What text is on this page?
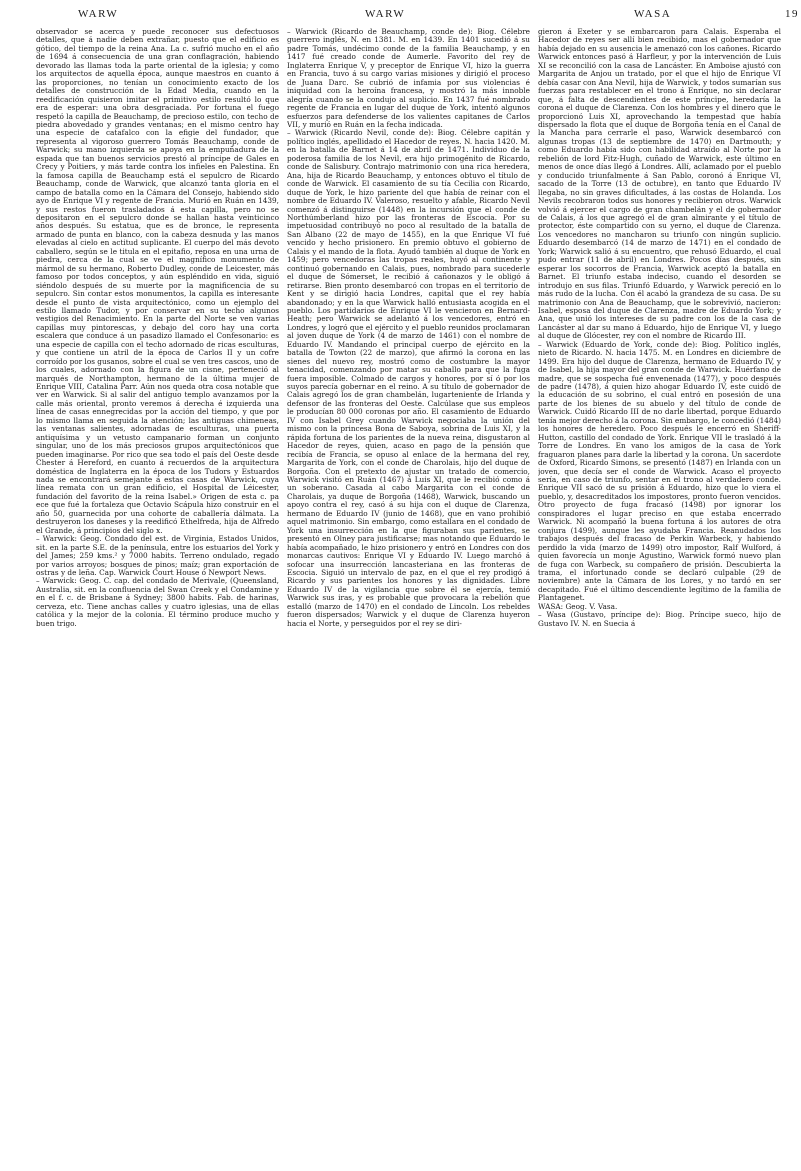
WARW	WARW	WASA	19

observador se acerca y puede reconocer sus defectuosos detalles, que á nadie deben extrañar, puesto que el edificio es gótico, del tiempo de la reina Ana. La c. sufrió mucho en el año de 1694 á consecuencia de una gran conflagración, habiendo devorado las llamas toda la parte oriental de la iglesia; y como los arquitectos de aquella época, aunque maestros en cuanto á las proporciones, no tenían un conocimiento exacto de los detalles de construcción de la Edad Media, cuando en la reedificación quisieron imitar el primitivo estilo resultó lo que era de esperar: una obra desgraciada. Por fortuna el fuego respetó la capilla de Beauchamp, de precioso estilo, con techo de piedra abovedado y grandes ventanas; en el mismo centro hay una especie de catafalco con la efigie del fundador, que representa al vigoroso guerrero Tomás Beauchamp, conde de Warwick; su mano izquierda se apoya en la empuñadura de la espada que tan buenos servicios prestó al príncipe de Gales en Crecy y Poitiers, y más tarde contra los infieles en Palestina. En la famosa capilla de Beauchamp está el sepulcro de Ricardo Beauchamp, conde de Warwick, que alcanzó tanta gloria en el campo de batalla como en la Cámara del Consejo, habiendo sido ayo de Enrique VI y regente de Francia. Murió en Ruán en 1439, y sus restos fueron trasladados á esta capilla, pero no se depositaron en el sepulcro donde se hallan hasta veinticinco años después. Su estatua, que es de bronce, le representa armado de punta en blanco, con la cabeza desnuda y las manos elevadas al cielo en actitud suplicante. El cuerpo del más devoto caballero, según se le titula en el epitafio, reposa en una urna de piedra, cerca de la cual se ve el magnífico monumento de mármol de su hermano, Roberto Dudley, conde de Leicester, más famoso por todos conceptos, y aún espléndido en vida, siguió siéndolo después de su muerte por la magnificencia de su sepulcro. Sin contar estos monumentos, la capilla es interesante desde el punto de vista arquitectónico, como un ejemplo del estilo llamado Tudor, y por conservar en su techo algunos vestigios del Renacimiento. En la parte del Norte se ven varias capillas muy pintorescas, y debajo del coro hay una corta escalera que conduce á un pasadizo llamado el Confesonario: es una especie de capilla con el techo adornado de ricas esculturas, y que contiene un atril de la época de Carlos II y un cofre corroído por los gusanos, sobre el cual se ven tres cascos, uno de los cuales, adornado con la figura de un cisne, perteneció al marqués de Northampton, hermano de la última mujer de Enrique VIII, Catalina Parr. Aún nos queda otra cosa notable que ver en Warwick. Si al salir del antiguo templo avanzamos por la calle más oriental, pronto veremos á derecha é izquierda una línea de casas ennegrecidas por la acción del tiempo, y que por lo mismo llama en seguida la atención; las antiguas chimeneas, las ventanas salientes, adornadas de esculturas, una puerta antiquísima y un vetusto campanario forman un conjunto singular, uno de los más preciosos grupos arquitectónicos que pueden imaginarse. Por rico que sea todo el país del Oeste desde Chester á Hereford, en cuanto á recuerdos de la arquitectura doméstica de Inglaterra en la época de los Tudors y Estuardos nada se encontrará semejante á estas casas de Warwick, cuya línea remata con un gran edificio, el Hospital de Léicester, fundación del favorito de la reina Isabel.» Origen de esta c. pa ece que fué la fortaleza que Octavio Scápula hizo construir en el año 50, guarnecida por una cohorte de caballería dálmata. La destruyeron los daneses y la reedificó Ethelfreda, hija de Alfredo el Grande, á principios del siglo x.

– Warwick: Geog. Condado del est. de Virginia, Estados Unidos, sit. en la parte S.E. de la península, entre los estuarios del York y del James; 259 kms.² y 7000 habits. Terreno ondulado, regado por varios arroyos; bosques de pinos; maíz; gran exportación de ostras y de leña. Cap. Warwick Court House ó Newport News.

– Warwick: Geog. C. cap. del condado de Merivale, (Queensland, Australia, sit. en la confluencia del Swan Creek y el Condamine y en el f. c. de Brisbane á Sydney; 3800 habits. Fab. de harinas, cerveza, etc. Tiene anchas calles y cuatro iglesias, una de ellas católica y la mejor de la colonia. El término produce mucho y buen trigo.

– Warwick (Ricardo de Beauchamp, conde de): Biog. Célebre guerrero inglés, N. en 1381. M. en 1439. En 1401 sucedió á su padre Tomás, undécimo conde de la familia Beauchamp, y en 1417 fué creado conde de Aumerle. Favorito del rey de Inglaterra Enrique V, y preceptor de Enrique VI, hizo la guerra en Francia, tuvo á su cargo varias misiones y dirigió el proceso de Juana Darc. Se cubrió de infamia por sus violencias é iniquidad con la heroína francesa, y mostró la más innoble alegría cuando se la condujo al suplicio. En 1437 fué nombrado regente de Francia en lugar del duque de York, intentó algunos esfuerzos para defenderse de los valientes capitanes de Carlos VII, y murió en Ruán en la fecha indicada.

– Warwick (Ricardo Nevil, conde de): Biog. Célebre capitán y político inglés, apellidado el Hacedor de reyes. N. hacia 1420. M. en la batalla de Barnet á 14 de abril de 1471. Individuo de la poderosa familia de los Nevil, era hijo primogénito de Ricardo, conde de Salisbury. Contrajo matrimonio con una rica heredera, Ana, hija de Ricardo Beauchamp, y entonces obtuvo el título de conde de Warwick. El casamiento de su tía Cecilia con Ricardo, duque de York, le hizo pariente del que había de reinar con el nombre de Eduardo IV. Valeroso, resuelto y afable, Ricardo Nevil comenzó á distinguirse (1448) en la incursión que el conde de Northúmberland hizo por las fronteras de Escocia. Por su impetuosidad contribuyó no poco al resultado de la batalla de San Albano (22 de mayo de 1455), en la que Enrique VI fué vencido y hecho prisionero. En premio obtuvo el gobierno de Calais y el mando de la flota. Ayudó también al duque de York en 1459; pero vencedoras las tropas reales, huyó al continente y continuó gobernando en Calais, pues, nombrado para sucederle el duque de Sómerset, le recibió á cañonazos y le obligó á retirarse. Bien pronto desembarcó con tropas en el territorio de Kent y se dirigió hacia Londres, capital que el rey había abandonado; y en la que Warwick halló entusiasta acogida en el pueblo. Los partidarios de Enrique VI le vencieron en Bernard-Heath; pero Warwick se adelantó á los vencedores, entró en Londres, y logró que el ejército y el pueblo reunidos proclamaran al joven duque de York (4 de marzo de 1461) con el nombre de Eduardo IV. Mandando el principal cuerpo de ejército en la batalla de Towton (22 de marzo), que afirmó la corona en las sienes del nuevo rey, mostró como de costumbre la mayor tenacidad, comenzando por matar su caballo para que la fuga fuera imposible. Colmado de cargos y honores, por sí ó por los suyos parecía gobernar en el reino. A su título de gobernador de Calais agregó los de gran chambelán, lugarteniente de Irlanda y defensor de las fronteras del Oeste. Calcúlase que sus empleos le producían 80 000 coronas por año. El casamiento de Eduardo IV con Isabel Grey cuando Warwick negociaba la unión del mismo con la princesa Bona de Saboya, sobrina de Luis XI, y la rápida fortuna de los parientes de la nueva reina, disgustaron al Hacedor de reyes, quien, acaso en pago de la pensión que recibía de Francia, se opuso al enlace de la hermana del rey, Margarita de York, con el conde de Charolais, hijo del duque de Borgoña. Con el pretexto de ajustar un tratado de comercio, Warwick visitó en Ruán (1467) á Luis XI, que le recibió como á un soberano. Casada al cabo Margarita con el conde de Charolais, ya duque de Borgoña (1468), Warwick, buscando un apoyo contra el rey, casó á su hija con el duque de Clarenza, hermano de Eduardo IV (junio de 1468), que en vano prohibió aquel matrimonio. Sin embargo, como estallara en el condado de York una insurrección en la que figuraban sus parientes, se presentó en Olney para justificarse; mas notando que Eduardo le había acompañado, le hizo prisionero y entró en Londres con dos monarcas cautivos: Enrique VI y Eduardo IV. Luego marchó á sofocar una insurrección lancasteriana en las fronteras de Escocia. Siguió un intervalo de paz, en el que el rey prodigó á Ricardo y sus parientes los honores y las dignidades. Libre Eduardo IV de la vigilancia que sobre él se ejercía, temió Warwick sus iras, y es probable que provocara la rebelión que estalló (marzo de 1470) en el condado de Lincoln. Los rebeldes fueron dispersados; Warwick y el duque de Clarenza huyeron hacia el Norte, y perseguidos por el rey se diri-

gieron á Exeter y se embarcaron para Calais. Esperaba el Hacedor de reyes ser allí bien recibido, mas el gobernador que había dejado en su ausencia le amenazó con los cañones. Ricardo Warwick entonces pasó á Harfleur, y por la intervención de Luis XI se reconcilió con la casa de Lancáster. En Amboise ajustó con Margarita de Anjou un tratado, por el que el hijo de Enrique VI debía casar con Ana Nevil, hija de Warwick, y todos sumarían sus fuerzas para restablecer en el trono á Enrique, no sin declarar que, á falta de descendientes de este príncipe, heredaría la corona el duque de Clarenza. Con los hombres y el dinero que le proporcionó Luis XI, aprovechando la tempestad que había dispersado la flota que el duque de Borgoña tenía en el Canal de la Mancha para cerrarle el paso, Warwick desembarcó con algunas tropas (13 de septiembre de 1470) en Dartmouth; y como Eduardo había sido con habilidad atraído al Norte por la rebelión de lord Fitz-Hugh, cuñado de Warwick, este último en menos de once días llegó á Londres. Allí, aclamado por el pueblo y conducido triunfalmente á San Pablo, coronó á Enrique VI, sacado de la Torre (13 de octubre), en tanto que Eduardo IV llegaba, no sin graves dificultades, á las costas de Holanda. Los Nevils recobraron todos sus honores y recibieron otros. Warwick volvió á ejercer el cargo de gran chambelán y el de gobernador de Calais, á los que agregó el de gran almirante y el título de protector, éste compartido con su yerno, el duque de Clarenza. Los vencedores no mancharon su triunfo con ningún suplicio. Eduardo desembarcó (14 de marzo de 1471) en el condado de York; Warwick salió á su encuentro, que rehusó Eduardo, el cual pudo entrar (11 de abril) en Londres. Pocos días después, sin esperar los socorros de Francia, Warwick aceptó la batalla en Barnet. El triunfo estaba indeciso, cuando el desorden se introdujo en sus filas. Triunfó Eduardo, y Warwick pereció en lo más rudo de la lucha. Con él acabó la grandeza de su casa. De su matrimonio con Ana de Beauchamp, que le sobrevivió, nacieron: Isabel, esposa del duque de Clarenza, madre de Eduardo York; y Ana, que unió los intereses de su padre con los de la casa de Lancáster al dar su mano á Eduardo, hijo de Enrique VI, y luego al duque de Glócester, rey con el nombre de Ricardo III.

– Warwick (Eduardo de York, conde de): Biog. Político inglés, nieto de Ricardo. N. hacia 1475. M. en Londres en diciembre de 1499. Era hijo del duque de Clarenza, hermano de Eduardo IV, y de Isabel, la hija mayor del gran conde de Warwick. Huérfano de madre, que se sospecha fué envenenada (1477), y poco después de padre (1478), á quien hizo ahogar Eduardo IV, este cuidó de la educación de su sobrino, el cual entró en posesión de una parte de los bienes de su abuelo y del título de conde de Warwick. Cuidó Ricardo III de no darle libertad, porque Eduardo tenía mejor derecho á la corona. Sin embargo, le concedió (1484) los honores de heredero. Poco después le encerró en Sheriff-Hutton, castillo del condado de York. Enrique VII le trasladó á la Torre de Londres. En vano los amigos de la casa de York fraguaron planes para darle la libertad y la corona. Un sacerdote de Oxford, Ricardo Simons, se presentó (1487) en Irlanda con un joven, que decía ser el conde de Warwick. Acaso el proyecto sería, en caso de triunfo, sentar en el trono al verdadero conde. Enrique VII sacó de su prisión á Eduardo, hizo que lo viera el pueblo, y, desacreditados los impostores, pronto fueron vencidos. Otro proyecto de fuga fracasó (1498) por ignorar los conspiradores el lugar preciso en que estaba encerrado Warwick. Ni acompañó la buena fortuna á los autores de otra conjura (1499), aunque les ayudaba Francia. Reanudados los trabajos después del fracaso de Perkin Warbeck, y habiendo perdido la vida (marzo de 1499) otro impostor, Ralf Wulford, á quien favorecía un monje Agustino, Warwick formó nuevo plan de fuga con Warbeck, su compañero de prisión. Descubierta la trama, el infortunado conde se declaró culpable (29 de noviembre) ante la Cámara de los Lores, y no tardó en ser decapitado. Fué el último descendiente legítimo de la familia de Plantagenet.

WASA: Geog. V. Vasa.

– Wasa (Gustavo, príncipe de): Biog. Príncipe sueco, hijo de Gustavo IV. N. en Suecia á
